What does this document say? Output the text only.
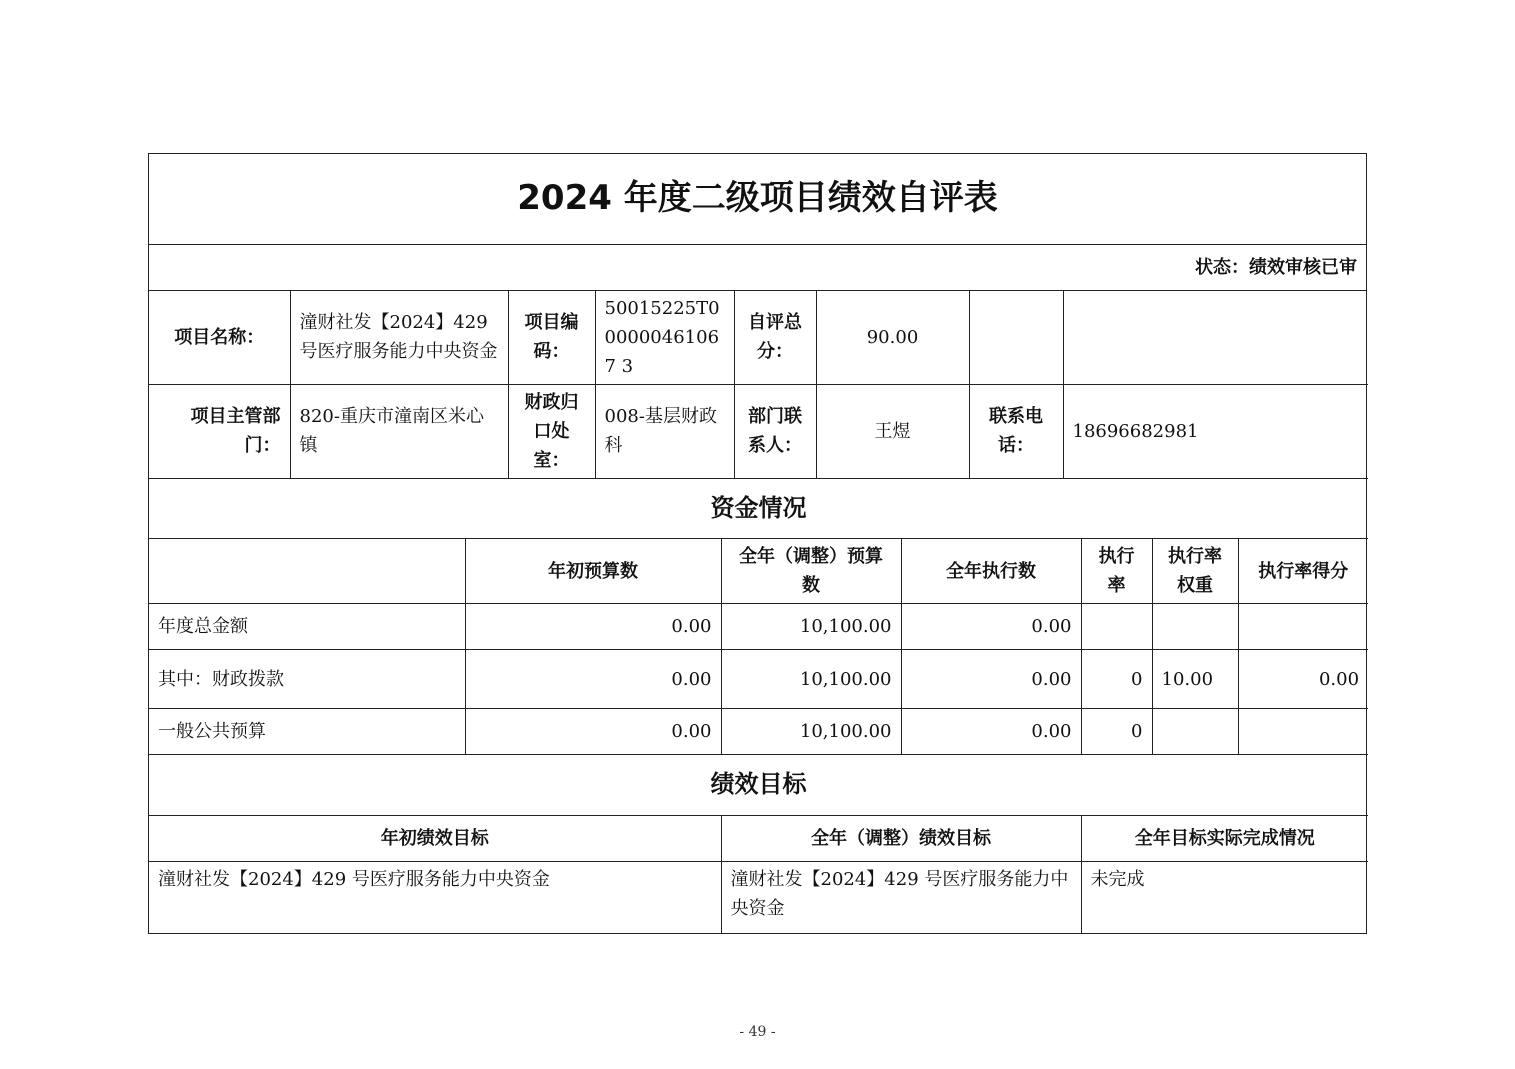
2024 年度二级项目绩效自评表
状态：绩效审核已审
项目名称：	潼财社发【2024】429号医疗服务能力中央资金	项目编码：	50015225T000000461067 3	自评总分：	90.00		
项目主管部门：	820-重庆市潼南区米心镇	财政归口处室：	008-基层财政科	部门联系人：	王煜	联系电话：	18696682981
资金情况						
	年初预算数	全年（调整）预算数	全年执行数	执行率	执行率权重	执行率得分
年度总金额	0.00	10,100.00	0.00			
其中：财政拨款	0.00	10,100.00	0.00	0	10.00	0.00
一般公共预算	0.00	10,100.00	0.00	0		
绩效目标		
年初绩效目标	全年（调整）绩效目标	全年目标实际完成情况
潼财社发【2024】429 号医疗服务能力中央资金	潼财社发【2024】429 号医疗服务能力中央资金	未完成
- 49 -
